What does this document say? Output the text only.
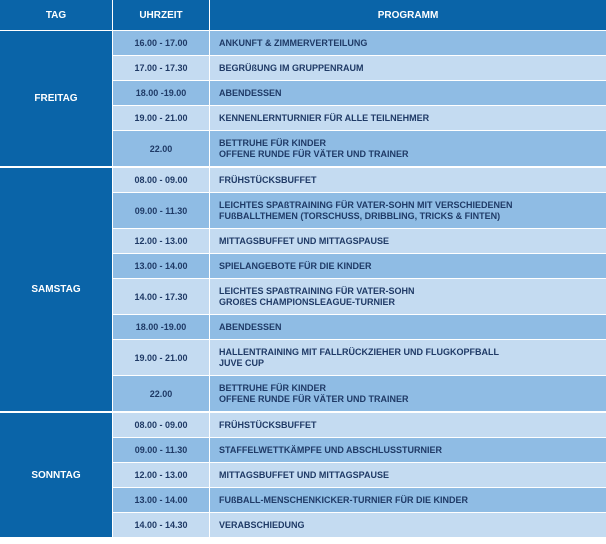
TAG	UHRZEIT	PROGRAMM
FREITAG	16.00 - 17.00	ANKUNFT & ZIMMERVERTEILUNG

	17.00 - 17.30	BEGRÜßUNG IM GRUPPENRAUM

	18.00 -19.00	ABENDESSEN

	19.00 - 21.00	KENNENLERNTURNIER FÜR ALLE TEILNEHMER

	22.00	BETTRUHE FÜR KINDER
OFFENE RUNDE FÜR VÄTER UND TRAINER

SAMSTAG	08.00 - 09.00	FRÜHSTÜCKSBUFFET

	09.00 - 11.30	LEICHTES SPAßTRAINING FÜR VATER-SOHN MIT VERSCHIEDENEN
FUßBALLTHEMEN (TORSCHUSS, DRIBBLING, TRICKS & FINTEN)

	12.00 - 13.00	MITTAGSBUFFET UND MITTAGSPAUSE

	13.00 - 14.00	SPIELANGEBOTE FÜR DIE KINDER

	14.00 - 17.30	LEICHTES SPAßTRAINING FÜR VATER-SOHN
GROßES CHAMPIONSLEAGUE-TURNIER

	18.00 -19.00	ABENDESSEN

	19.00 - 21.00	HALLENTRAINING MIT FALLRÜCKZIEHER UND FLUGKOPFBALL
JUVE CUP

	22.00	BETTRUHE FÜR KINDER
OFFENE RUNDE FÜR VÄTER UND TRAINER

SONNTAG	08.00 - 09.00	FRÜHSTÜCKSBUFFET

	09.00 - 11.30	STAFFELWETTKÄMPFE UND ABSCHLUSSTURNIER

	12.00 - 13.00	MITTAGSBUFFET UND MITTAGSPAUSE

	13.00 - 14.00	FUßBALL-MENSCHENKICKER-TURNIER FÜR DIE KINDER

	14.00 - 14.30	VERABSCHIEDUNG
